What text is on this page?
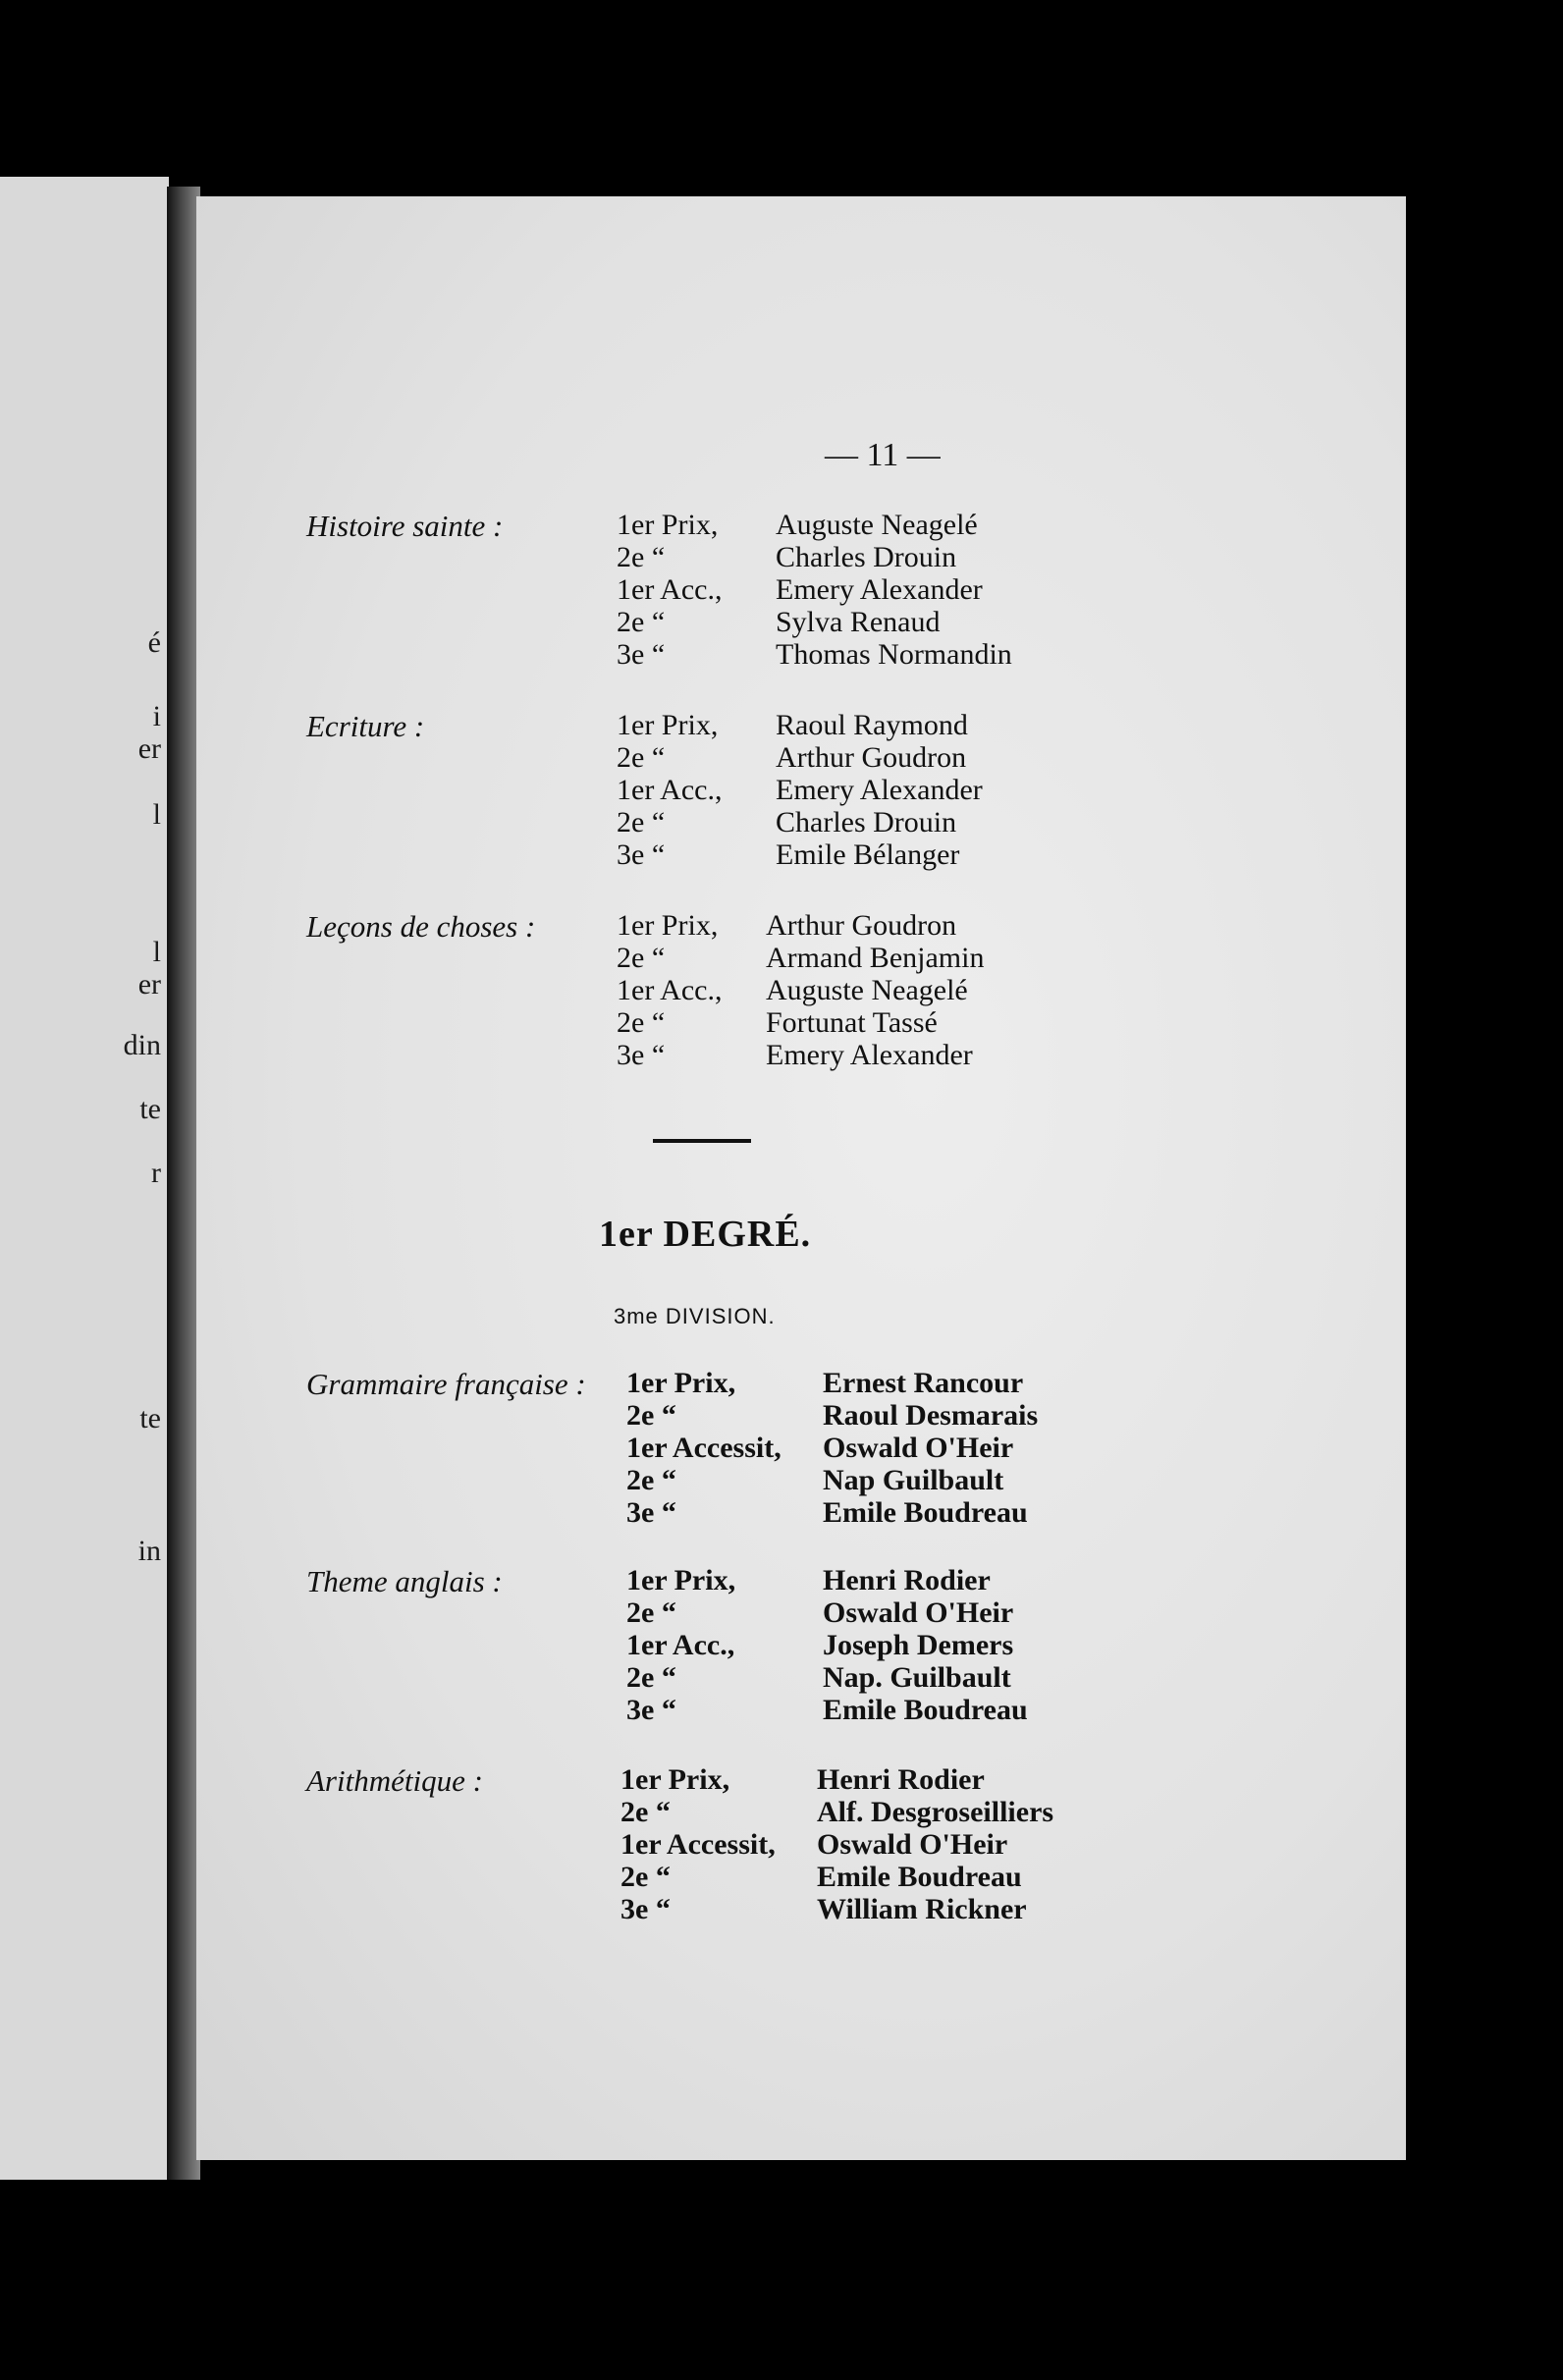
é
i
er
l
l
er
din
te
r
te
in
— 11 —
Histoire sainte :	1er Prix, Auguste Neagelé
2e “	Charles Drouin
1er Acc., Emery Alexander
2e “	Sylva Renaud
3e “	Thomas Normandin
Ecriture :	1er Prix, Raoul Raymond
2e “	Arthur Goudron
1er Acc., Emery Alexander
2e “	Charles Drouin
3e “	Emile Bélanger
Leçons de choses :	1er Prix, Arthur Goudron
2e “	Armand Benjamin
1er Acc., Auguste Neagelé
2e “	Fortunat Tassé
3e “	Emery Alexander
1er DEGRÉ.
3me DIVISION.
Grammaire française : 1er Prix,	Ernest Rancour
2e “	Raoul Desmarais
1er Accessit, Oswald O'Heir
2e “	Nap Guilbault
3e “	Emile Boudreau
Theme anglais :	1er Prix,	Henri Rodier
2e “	Oswald O'Heir
1er Acc.,	Joseph Demers
2e “	Nap. Guilbault
3e “	Emile Boudreau
Arithmétique :	1er Prix,	Henri Rodier
2e “	Alf. Desgroseilliers
1er Accessit, Oswald O'Heir
2e “	Emile Boudreau
3e “	William Rickner
